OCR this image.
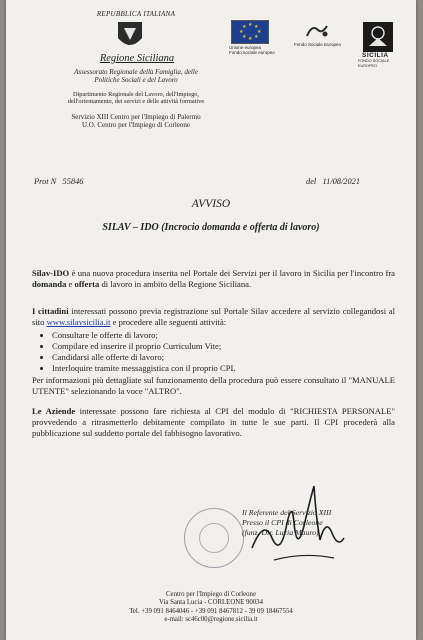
REPUBBLICA ITALIANA
Regione Siciliana
Assessorato Regionale della Famiglia, delle
Politiche Sociali e del Lavoro
Dipartimento Regionale del Lavoro, dell'Impiego,
dell'orientamento, dei servizi e delle attività formative
Servizio XIII Centro per l'Impiego di Palermo
U.O. Centro per l'Impiego di Corleone
★ ★
★
★
★
★
★
★
Unione europea
Fondo sociale europeo
Fondo Sociale Europeo
SICILIA
FONDO SOCIALE EUROPEO
Prot N 55846	del 11/08/2021
AVVISO
SILAV – IDO (Incrocio domanda e offerta di lavoro)
Silav-IDO è una nuova procedura inserita nel Portale dei Servizi per il lavoro in Sicilia per l'incontro fra domanda e offerta di lavoro in ambito della Regione Siciliana.
I cittadini interessati possono previa registrazione sul Portale Silav accedere al servizio collegandosi al sito www.silavsicilia.it e procedere alle seguenti attività:
• Consultare le offerte di lavoro;
• Compilare ed inserire il proprio Curriculum Vite;
• Candidarsi alle offerte di lavoro;
• Interloquire tramite messaggistica con il proprio CPI.
Per informazioni più dettagliate sul funzionamento della procedura può essere consultato il "MANUALE UTENTE" selezionando la voce "ALTRO".
Le Aziende interessate possono fare richiesta al CPI del modulo di "RICHIESTA PERSONALE" provvedendo a ritrasmetterlo debitamente compilato in tutte le sue parti. Il CPI procederà alla pubblicazione sul suddetto portale del fabbisogno lavorativo.
Il Referente del Servizio XIII
Presso il CPI di Corleone
(funz. Dir. Lucia Mauro)
Centro per l'Impiego di Corleone
Via Santa Lucia - CORLEONE 90034
Tel. +39 091 8464046 - +39 091 8467812 - 39 09 18467554
e-mail: sc46c00@regione.sicilia.it
